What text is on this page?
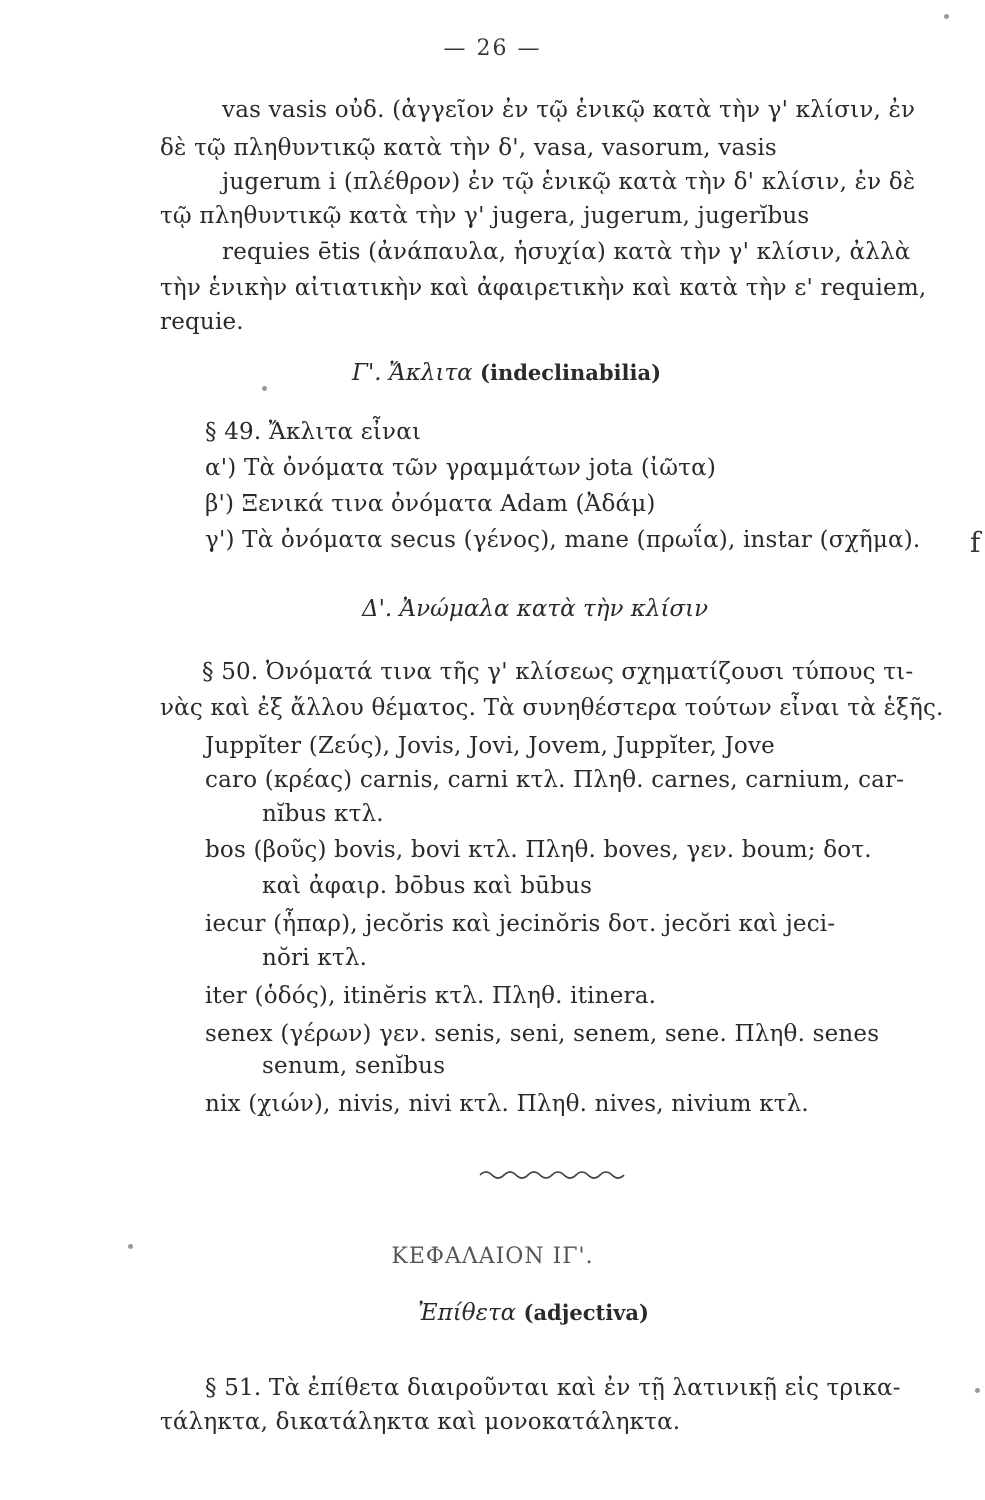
— 26 —
vas vasis οὐδ. (ἀγγεῖον ἐν τῷ ἑνικῷ κατὰ τὴν γ' κλίσιν, ἐν
δὲ τῷ πληθυντικῷ κατὰ τὴν δ', vasa, vasorum, vasis
jugerum i (πλέθρον) ἐν τῷ ἑνικῷ κατὰ τὴν δ' κλίσιν, ἐν δὲ
τῷ πληθυντικῷ κατὰ τὴν γ' jugera, jugerum, jugerĭbus
requies ētis (ἀνάπαυλα, ἡσυχία) κατὰ τὴν γ' κλίσιν, ἀλλὰ
τὴν ἑνικὴν αἰτιατικὴν καὶ ἀφαιρετικὴν καὶ κατὰ τὴν ε' requiem,
requie.
Γ'. Ἄκλιτα (indeclinabilia)
§ 49. Ἄκλιτα εἶναι
α') Τὰ ὀνόματα τῶν γραμμάτων jota (ἰῶτα)
β') Ξενικά τινα ὀνόματα Adam (Ἀδάμ)
γ') Τὰ ὀνόματα secus (γένος), mane (πρωΐα), instar (σχῆμα). f
Δ'. Ἀνώμαλα κατὰ τὴν κλίσιν
§ 50. Ὀνόματά τινα τῆς γ' κλίσεως σχηματίζουσι τύπους τι-
νὰς καὶ ἐξ ἄλλου θέματος. Τὰ συνηθέστερα τούτων εἶναι τὰ ἑξῆς.
Juppĭter (Ζεύς), Jovis, Jovi, Jovem, Juppĭter, Jove
caro (κρέας) carnis, carni κτλ. Πληθ. carnes, carnium, car-
nĭbus κτλ.
bos (βοῦς) bovis, bovi κτλ. Πληθ. boves, γεν. boum; δοτ.
καὶ ἀφαιρ. bōbus καὶ būbus
iecur (ἧπαρ), jecŏris καὶ jecinŏris δοτ. jecŏri καὶ jeci-
nŏri κτλ.
iter (ὁδός), itinĕris κτλ. Πληθ. itinera.
senex (γέρων) γεν. senis, seni, senem, sene. Πληθ. senes
senum, senĭbus
nix (χιών), nivis, nivi κτλ. Πληθ. nives, nivium κτλ.
ΚΕΦΑΛΑΙΟΝ ΙΓ'.
Ἐπίθετα (adjectiva)
§ 51. Τὰ ἐπίθετα διαιροῦνται καὶ ἐν τῇ λατινικῇ εἰς τρικα-
τάληκτα, δικατάληκτα καὶ μονοκατάληκτα.
